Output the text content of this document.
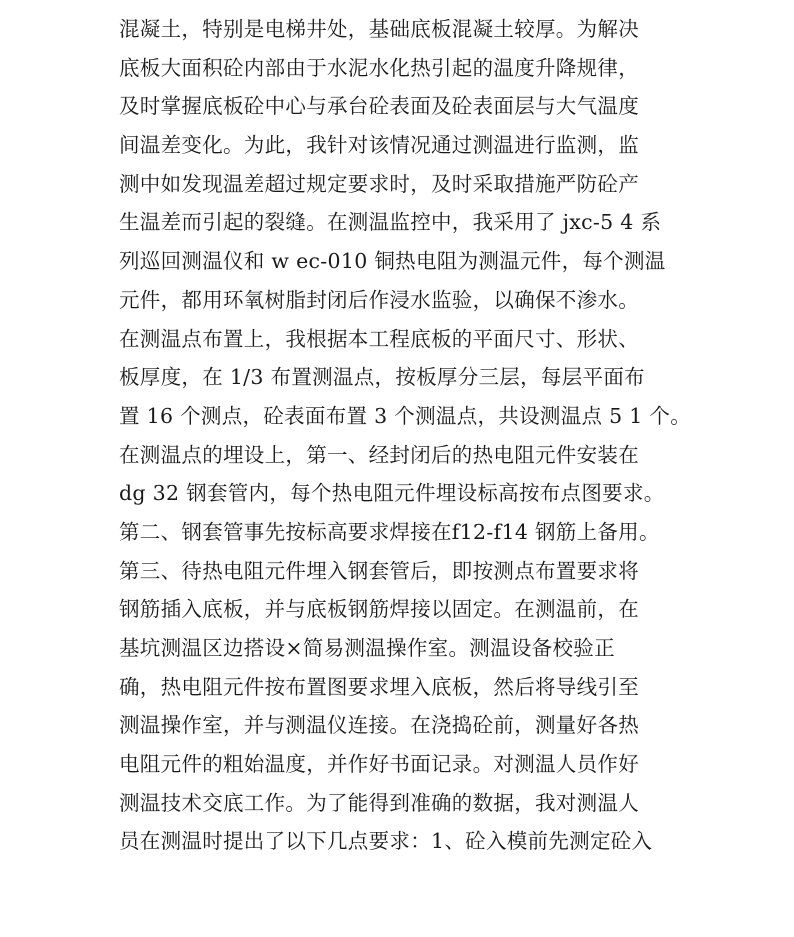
混凝土，特别是电梯井处，基础底板混凝土较厚。为解决
底板大面积砼内部由于水泥水化热引起的温度升降规律，
及时掌握底板砼中心与承台砼表面及砼表面层与大气温度
间温差变化。为此，我针对该情况通过测温进行监测，监
测中如发现温差超过规定要求时，及时采取措施严防砼产
生温差而引起的裂缝。在测温监控中，我采用了 jxc-5 4 系
列巡回测温仪和 w ec-010 铜热电阻为测温元件，每个测温
元件，都用环氧树脂封闭后作浸水监验，以确保不渗水。
在测温点布置上，我根据本工程底板的平面尺寸、形状、
板厚度，在 1/3 布置测温点，按板厚分三层，每层平面布
置 16 个测点，砼表面布置 3 个测温点，共设测温点 5 1 个。
在测温点的埋设上，第一、经封闭后的热电阻元件安装在
dg 32 钢套管内，每个热电阻元件埋设标高按布点图要求。
第二、钢套管事先按标高要求焊接在f12-f14 钢筋上备用。
第三、待热电阻元件埋入钢套管后，即按测点布置要求将
钢筋插入底板，并与底板钢筋焊接以固定。在测温前，在
基坑测温区边搭设×简易测温操作室。测温设备校验正
确，热电阻元件按布置图要求埋入底板，然后将导线引至
测温操作室，并与测温仪连接。在浇捣砼前，测量好各热
电阻元件的粗始温度，并作好书面记录。对测温人员作好
测温技术交底工作。为了能得到准确的数据，我对测温人
员在测温时提出了以下几点要求：1、砼入模前先测定砼入
